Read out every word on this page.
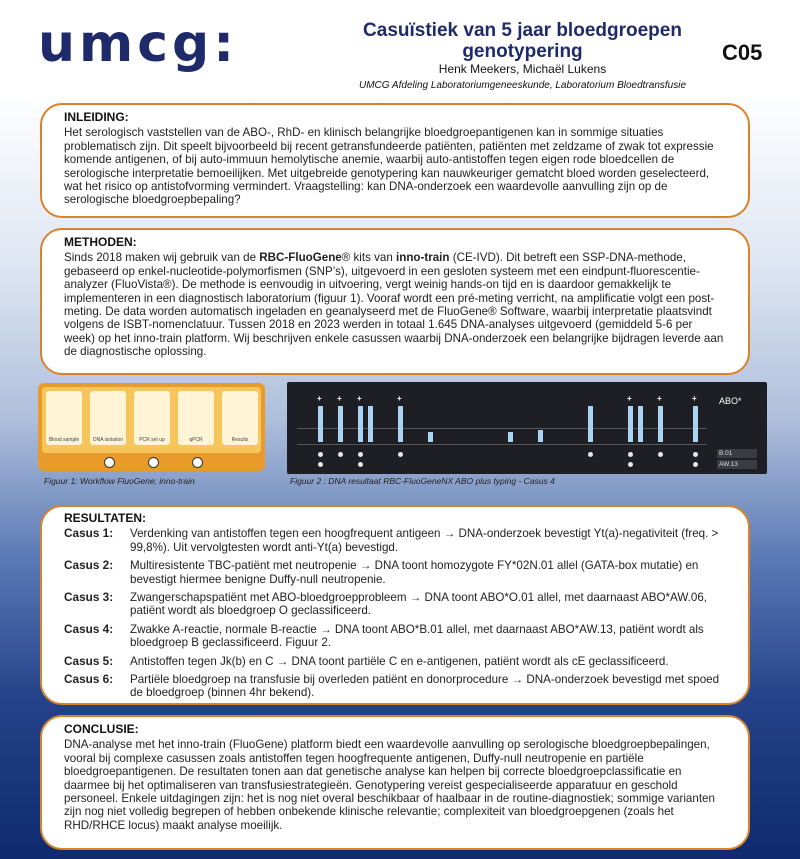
umcg:	Casuïstiek van 5 jaar bloedgroepen genotypering	C05
Henk Meekers, Michaël Lukens
UMCG Afdeling Laboratoriumgeneeskunde, Laboratorium Bloedtransfusie
INLEIDING:

Het serologisch vaststellen van de ABO-, RhD- en klinisch belangrijke bloedgroepantigenen kan in sommige situaties problematisch zijn. Dit speelt bijvoorbeeld bij recent getransfundeerde patiënten, patiënten met zeldzame of zwak tot expressie komende antigenen, of bij auto-immuun hemolytische anemie, waarbij auto-antistoffen tegen eigen rode bloedcellen de serologische interpretatie bemoeilijken. Met uitgebreide genotypering kan nauwkeuriger gematcht bloed worden geselecteerd, wat het risico op antistofvorming vermindert. Vraagstelling: kan DNA-onderzoek een waardevolle aanvulling zijn op de serologische bloedgroepbepaling?

METHODEN:

Sinds 2018 maken wij gebruik van de RBC-FluoGene® kits van inno-train (CE-IVD). Dit betreft een SSP-DNA-methode, gebaseerd op enkel-nucleotide-polymorfismen (SNP’s), uitgevoerd in een gesloten systeem met een eindpunt-fluorescentie-analyzer (FluoVista®). De methode is eenvoudig in uitvoering, vergt weinig hands-on tijd en is daardoor gemakkelijk te implementeren in een diagnostisch laboratorium (figuur 1). Vooraf wordt een pré-meting verricht, na amplificatie volgt een post-meting. De data worden automatisch ingeladen en geanalyseerd met de FluoGene® Software, waarbij interpretatie plaatsvindt volgens de ISBT-nomenclatuur. Tussen 2018 en 2023 werden in totaal 1.645 DNA-analyses uitgevoerd (gemiddeld 5-6 per week) op het inno-train platform. Wij beschrijven enkele casussen waarbij DNA-onderzoek een belangrijke bijdragen leverde aan de diagnostische oplossing.

Blood sample	DNA isolation	PCR set up	qPCR	Results
Figuur 1: Workflow FluoGene; inno-train
+ + +	+	+	+	+ ABO*
B.01
AW.13
Figuur 2 : DNA resultaat RBC-FluoGeneNX ABO plus typing - Casus 4
RESULTATEN:
Casus 1:	Verdenking van antistoffen tegen een hoogfrequent antigeen → DNA-onderzoek bevestigt Yt(a)-negativiteit (freq. > 99,8%). Uit vervolgtesten wordt anti-Yt(a) bevestigd.
Casus 2:	Multiresistente TBC-patiënt met neutropenie → DNA toont homozygote FY*02N.01 allel (GATA-box mutatie) en bevestigt hiermee benigne Duffy-null neutropenie.
Casus 3:	Zwangerschapspatiënt met ABO-bloedgroepprobleem → DNA toont ABO*O.01 allel, met daarnaast ABO*AW.06, patiënt wordt als bloedgroep O geclassificeerd.
Casus 4:	Zwakke A-reactie, normale B-reactie → DNA toont ABO*B.01 allel, met daarnaast ABO*AW.13, patiënt wordt als bloedgroep B geclassificeerd. Figuur 2.
Casus 5:	Antistoffen tegen Jk(b) en C → DNA toont partiële C en e-antigenen, patiënt wordt als cE geclassificeerd.
Casus 6:	Partiële bloedgroep na transfusie bij overleden patiënt en donorprocedure → DNA-onderzoek bevestigd met spoed de bloedgroep (binnen 4hr bekend).
CONCLUSIE:

DNA-analyse met het inno-train (FluoGene) platform biedt een waardevolle aanvulling op serologische bloedgroepbepalingen, vooral bij complexe casussen zoals antistoffen tegen hoogfrequente antigenen, Duffy-null neutropenie en partiële bloedgroepantigenen. De resultaten tonen aan dat genetische analyse kan helpen bij correcte bloedgroepclassificatie en daarmee bij het optimaliseren van transfusiestrategieën. Genotypering vereist gespecialiseerde apparatuur en geschold personeel. Enkele uitdagingen zijn: het is nog niet overal beschikbaar of haalbaar in de routine-diagnostiek; sommige varianten zijn nog niet volledig begrepen of hebben onbekende klinische relevantie; complexiteit van bloedgroepgenen (zoals het RHD/RHCE locus) maakt analyse moeilijk.
